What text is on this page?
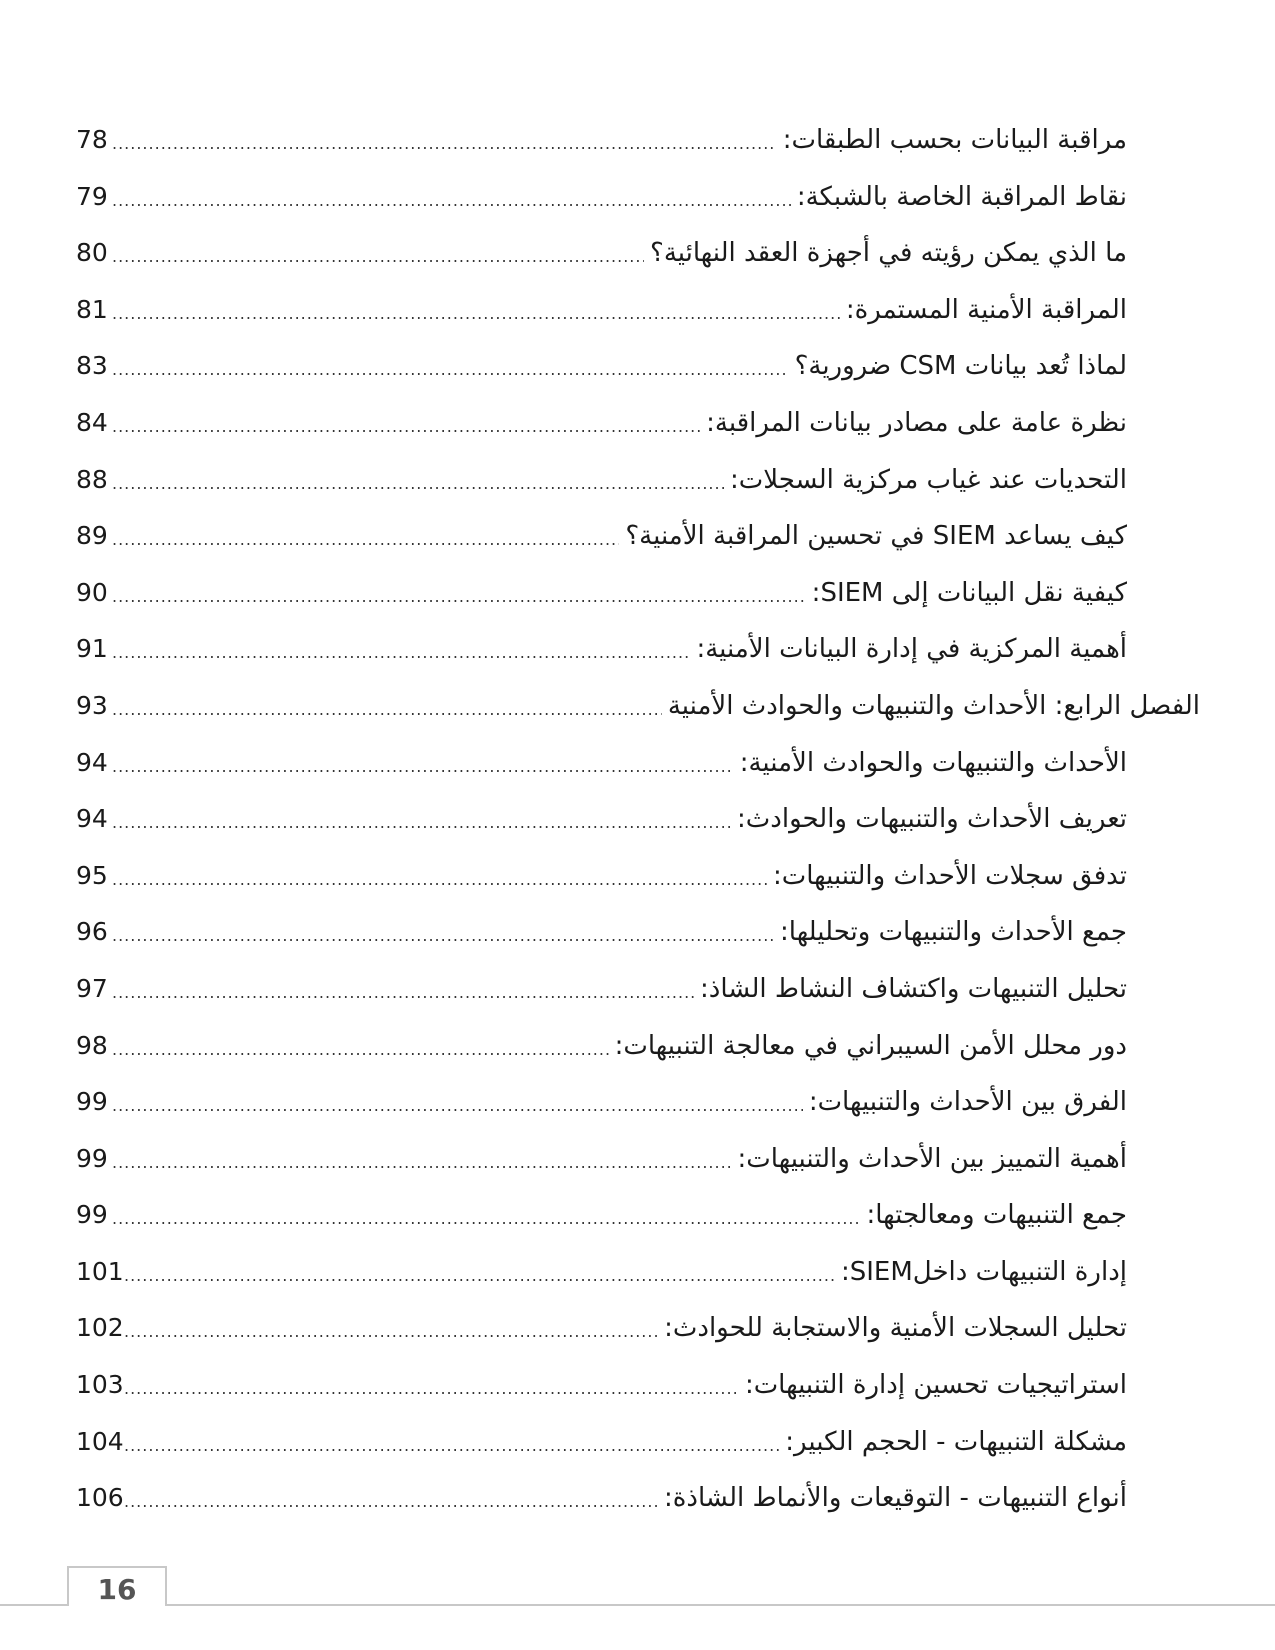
78 .....	مراقبة البيانات بحسب الطبقات:
79 .....	نقاط المراقبة الخاصة بالشبكة:
80 .....	ما الذي يمكن رؤيته في أجهزة العقد النهائية؟
81 .....	المراقبة الأمنية المستمرة:
83 .....	لماذا تُعد بيانات CSM ضرورية؟
84 .....	نظرة عامة على مصادر بيانات المراقبة:
88 .....	التحديات عند غياب مركزية السجلات:
89 .....	كيف يساعد SIEM في تحسين المراقبة الأمنية؟
90 .....	كيفية نقل البيانات إلى SIEM:
91 .....	أهمية المركزية في إدارة البيانات الأمنية:
93 .....	الفصل الرابع: الأحداث والتنبيهات والحوادث الأمنية
94 .....	الأحداث والتنبيهات والحوادث الأمنية:
94 .....	تعريف الأحداث والتنبيهات والحوادث:
95 .....	تدفق سجلات الأحداث والتنبيهات:
96 .....	جمع الأحداث والتنبيهات وتحليلها:
97 .....	تحليل التنبيهات واكتشاف النشاط الشاذ:
98 .....	دور محلل الأمن السيبراني في معالجة التنبيهات:
99 .....	الفرق بين الأحداث والتنبيهات:
99 .....	أهمية التمييز بين الأحداث والتنبيهات:
99 .....	جمع التنبيهات ومعالجتها:
101 .....	إدارة التنبيهات داخلSIEM:
102 .....	تحليل السجلات الأمنية والاستجابة للحوادث:
103 .....	استراتيجيات تحسين إدارة التنبيهات:
104 .....	مشكلة التنبيهات - الحجم الكبير:
106 .....	أنواع التنبيهات - التوقيعات والأنماط الشاذة:
16
